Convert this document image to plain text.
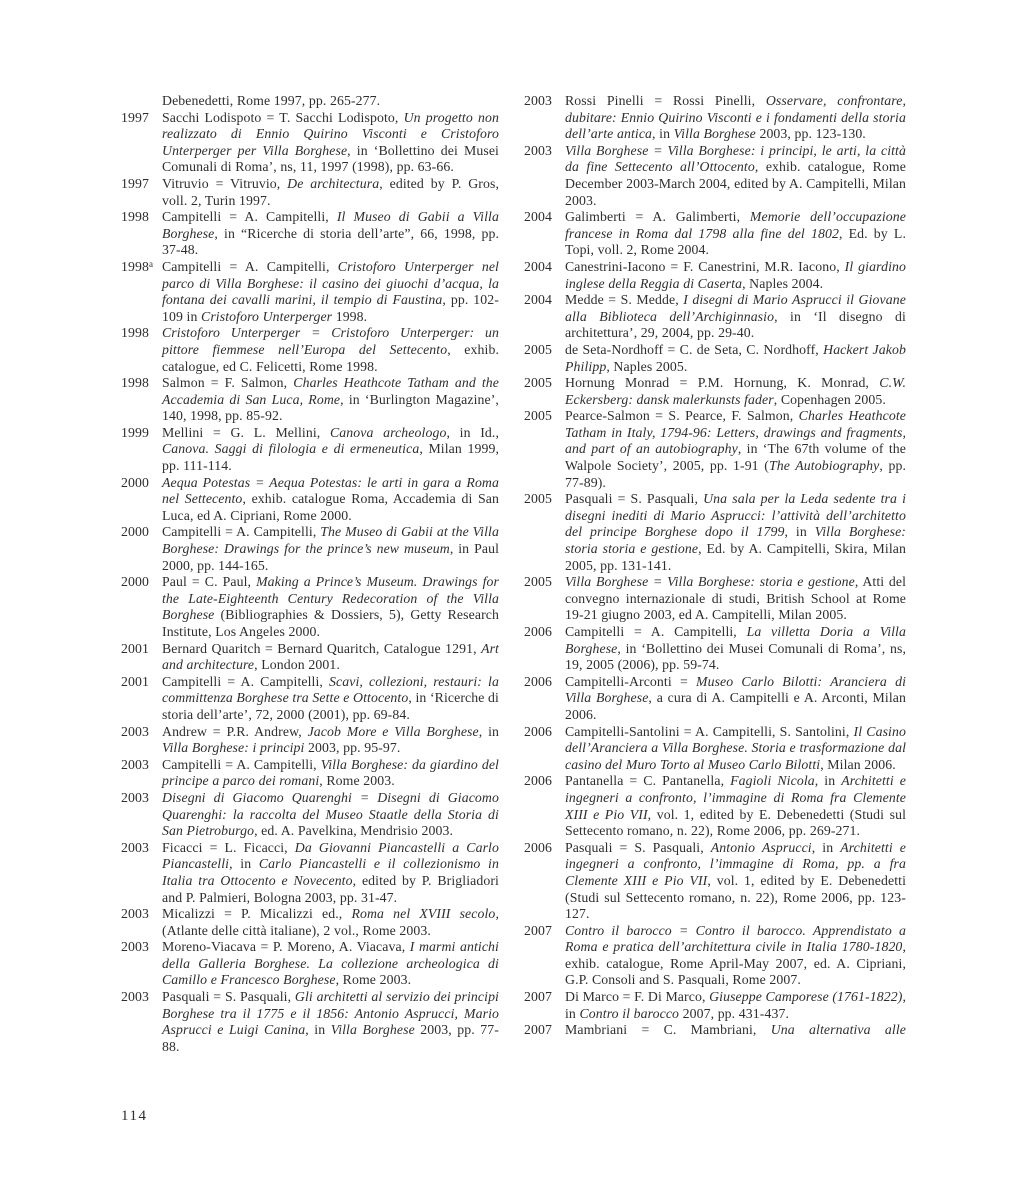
Debenedetti, Rome 1997, pp. 265-277.
1997 Sacchi Lodispoto = T. Sacchi Lodispoto, Un progetto non realizzato di Ennio Quirino Visconti e Cristoforo Unterperger per Villa Borghese, in ‘Bollettino dei Musei Comunali di Roma’, ns, 11, 1997 (1998), pp. 63-66.
1997 Vitruvio = Vitruvio, De architectura, edited by P. Gros, voll. 2, Turin 1997.
1998 Campitelli = A. Campitelli, Il Museo di Gabii a Villa Borghese, in “Ricerche di storia dell’arte”, 66, 1998, pp. 37-48.
1998$^a$ Campitelli = A. Campitelli, Cristoforo Unterperger nel parco di Villa Borghese: il casino dei giuochi d’acqua, la fontana dei cavalli marini, il tempio di Faustina, pp. 102-109 in Cristoforo Unterperger 1998.
1998 Cristoforo Unterperger = Cristoforo Unterperger: un pittore fiemmese nell’Europa del Settecento, exhib. catalogue, ed C. Felicetti, Rome 1998.
1998 Salmon = F. Salmon, Charles Heathcote Tatham and the Accademia di San Luca, Rome, in ‘Burlington Magazine’, 140, 1998, pp. 85-92.
1999 Mellini = G. L. Mellini, Canova archeologo, in Id., Canova. Saggi di filologia e di ermeneutica, Milan 1999, pp. 111-114.
2000 Aequa Potestas = Aequa Potestas: le arti in gara a Roma nel Settecento, exhib. catalogue Roma, Accademia di San Luca, ed A. Cipriani, Rome 2000.
2000 Campitelli = A. Campitelli, The Museo di Gabii at the Villa Borghese: Drawings for the prince’s new museum, in Paul 2000, pp. 144-165.
2000 Paul = C. Paul, Making a Prince’s Museum. Drawings for the Late-Eighteenth Century Redecoration of the Villa Borghese (Bibliographies & Dossiers, 5), Getty Research Institute, Los Angeles 2000.
2001 Bernard Quaritch = Bernard Quaritch, Catalogue 1291, Art and architecture, London 2001.
2001 Campitelli = A. Campitelli, Scavi, collezioni, restauri: la committenza Borghese tra Sette e Ottocento, in ‘Ricerche di storia dell’arte’, 72, 2000 (2001), pp. 69-84.
2003 Andrew = P.R. Andrew, Jacob More e Villa Borghese, in Villa Borghese: i principi 2003, pp. 95-97.
2003 Campitelli = A. Campitelli, Villa Borghese: da giardino del principe a parco dei romani, Rome 2003.
2003 Disegni di Giacomo Quarenghi = Disegni di Giacomo Quarenghi: la raccolta del Museo Staatle della Storia di San Pietroburgo, ed. A. Pavelkina, Mendrisio 2003.
2003 Ficacci = L. Ficacci, Da Giovanni Piancastelli a Carlo Piancastelli, in Carlo Piancastelli e il collezionismo in Italia tra Ottocento e Novecento, edited by P. Brigliadori and P. Palmieri, Bologna 2003, pp. 31-47.
2003 Micalizzi = P. Micalizzi ed., Roma nel XVIII secolo, (Atlante delle città italiane), 2 vol., Rome 2003.
2003 Moreno-Viacava = P. Moreno, A. Viacava, I marmi antichi della Galleria Borghese. La collezione archeologica di Camillo e Francesco Borghese, Rome 2003.
2003 Pasquali = S. Pasquali, Gli architetti al servizio dei principi Borghese tra il 1775 e il 1856: Antonio Asprucci, Mario Asprucci e Luigi Canina, in Villa Borghese 2003, pp. 77-88.
2003 Rossi Pinelli = Rossi Pinelli, Osservare, confrontare, dubitare: Ennio Quirino Visconti e i fondamenti della storia dell’arte antica, in Villa Borghese 2003, pp. 123-130.
2003 Villa Borghese = Villa Borghese: i principi, le arti, la città da fine Settecento all’Ottocento, exhib. catalogue, Rome December 2003-March 2004, edited by A. Campitelli, Milan 2003.
2004 Galimberti = A. Galimberti, Memorie dell’occupazione francese in Roma dal 1798 alla fine del 1802, Ed. by L. Topi, voll. 2, Rome 2004.
2004 Canestrini-Iacono = F. Canestrini, M.R. Iacono, Il giardino inglese della Reggia di Caserta, Naples 2004.
2004 Medde = S. Medde, I disegni di Mario Asprucci il Giovane alla Biblioteca dell’Archiginnasio, in ‘Il disegno di architettura’, 29, 2004, pp. 29-40.
2005 de Seta-Nordhoff = C. de Seta, C. Nordhoff, Hackert Jakob Philipp, Naples 2005.
2005 Hornung Monrad = P.M. Hornung, K. Monrad, C.W. Eckersberg: dansk malerkunsts fader, Copenhagen 2005.
2005 Pearce-Salmon = S. Pearce, F. Salmon, Charles Heathcote Tatham in Italy, 1794-96: Letters, drawings and fragments, and part of an autobiography, in ‘The 67th volume of the Walpole Society’, 2005, pp. 1-91 (The Autobiography, pp. 77-89).
2005 Pasquali = S. Pasquali, Una sala per la Leda sedente tra i disegni inediti di Mario Asprucci: l’attività dell’architetto del principe Borghese dopo il 1799, in Villa Borghese: storia storia e gestione, Ed. by A. Campitelli, Skira, Milan 2005, pp. 131-141.
2005 Villa Borghese = Villa Borghese: storia e gestione, Atti del convegno internazionale di studi, British School at Rome 19-21 giugno 2003, ed A. Campitelli, Milan 2005.
2006 Campitelli = A. Campitelli, La villetta Doria a Villa Borghese, in ‘Bollettino dei Musei Comunali di Roma’, ns, 19, 2005 (2006), pp. 59-74.
2006 Campitelli-Arconti = Museo Carlo Bilotti: Aranciera di Villa Borghese, a cura di A. Campitelli e A. Arconti, Milan 2006.
2006 Campitelli-Santolini = A. Campitelli, S. Santolini, Il Casino dell’Aranciera a Villa Borghese. Storia e trasformazione dal casino del Muro Torto al Museo Carlo Bilotti, Milan 2006.
2006 Pantanella = C. Pantanella, Fagioli Nicola, in Architetti e ingegneri a confronto, l’immagine di Roma fra Clemente XIII e Pio VII, vol. 1, edited by E. Debenedetti (Studi sul Settecento romano, n. 22), Rome 2006, pp. 269-271.
2006 Pasquali = S. Pasquali, Antonio Asprucci, in Architetti e ingegneri a confronto, l’immagine di Roma, pp. a fra Clemente XIII e Pio VII, vol. 1, edited by E. Debenedetti (Studi sul Settecento romano, n. 22), Rome 2006, pp. 123-127.
2007 Contro il barocco = Contro il barocco. Apprendistato a Roma e pratica dell’architettura civile in Italia 1780-1820, exhib. catalogue, Rome April-May 2007, ed. A. Cipriani, G.P. Consoli and S. Pasquali, Rome 2007.
2007 Di Marco = F. Di Marco, Giuseppe Camporese (1761-1822), in Contro il barocco 2007, pp. 431-437.
2007 Mambriani = C. Mambriani, Una alternativa alle
114
